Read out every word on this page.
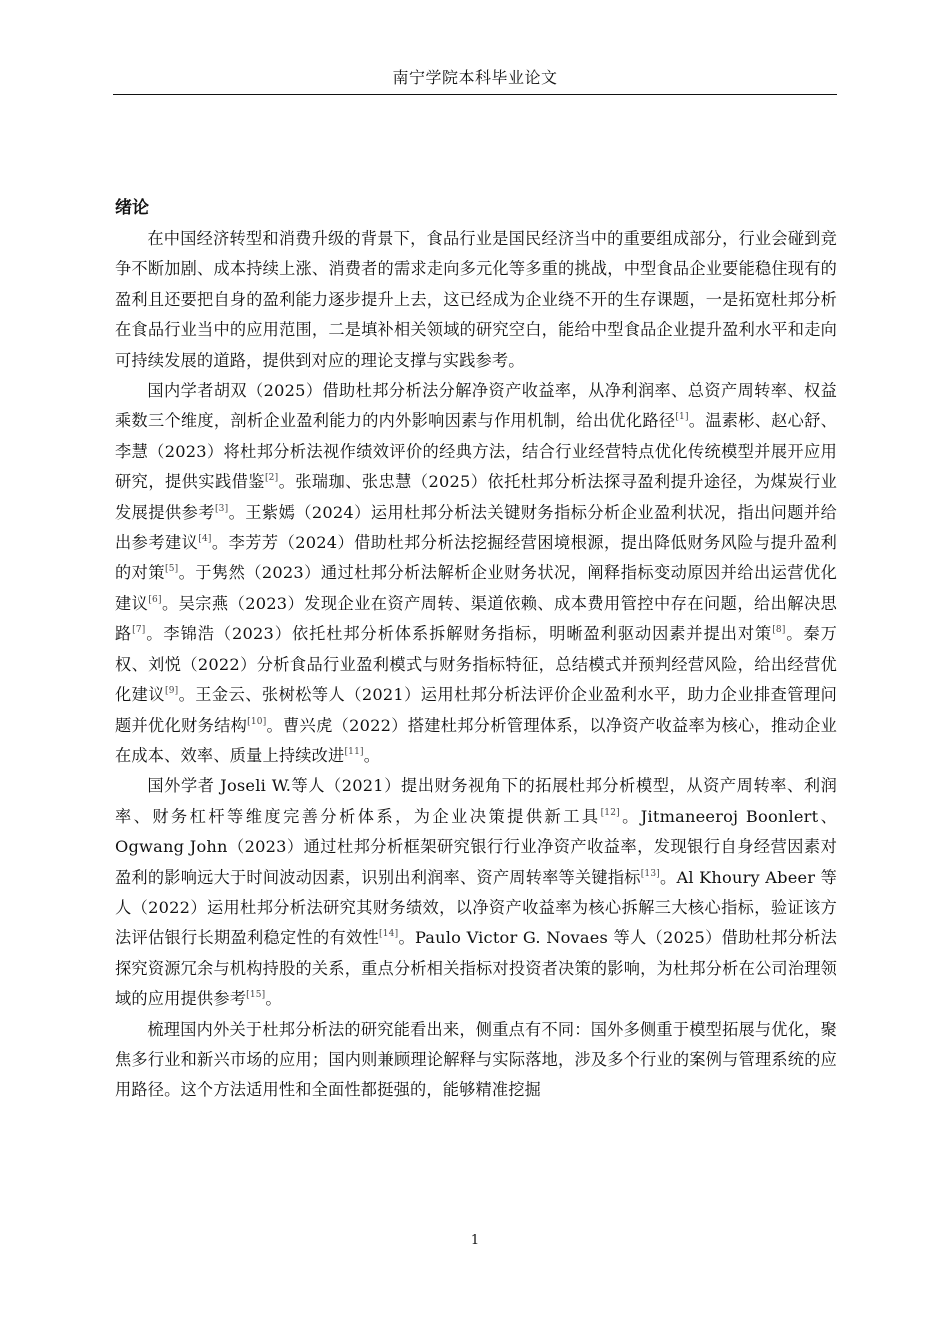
南宁学院本科毕业论文
绪论

在中国经济转型和消费升级的背景下，食品行业是国民经济当中的重要组成部分，行业会碰到竞争不断加剧、成本持续上涨、消费者的需求走向多元化等多重的挑战，中型食品企业要能稳住现有的盈利且还要把自身的盈利能力逐步提升上去，这已经成为企业绕不开的生存课题，一是拓宽杜邦分析在食品行业当中的应用范围，二是填补相关领域的研究空白，能给中型食品企业提升盈利水平和走向可持续发展的道路，提供到对应的理论支撑与实践参考。

国内学者胡双（2025）借助杜邦分析法分解净资产收益率，从净利润率、总资产周转率、权益乘数三个维度，剖析企业盈利能力的内外影响因素与作用机制，给出优化路径[1]。温素彬、赵心舒、李慧（2023）将杜邦分析法视作绩效评价的经典方法，结合行业经营特点优化传统模型并展开应用研究，提供实践借鉴[2]。张瑞珈、张忠慧（2025）依托杜邦分析法探寻盈利提升途径，为煤炭行业发展提供参考[3]。王紫嫣（2024）运用杜邦分析法关键财务指标分析企业盈利状况，指出问题并给出参考建议[4]。李芳芳（2024）借助杜邦分析法挖掘经营困境根源，提出降低财务风险与提升盈利的对策[5]。于隽然（2023）通过杜邦分析法解析企业财务状况，阐释指标变动原因并给出运营优化建议[6]。吴宗燕（2023）发现企业在资产周转、渠道依赖、成本费用管控中存在问题，给出解决思路[7]。李锦浩（2023）依托杜邦分析体系拆解财务指标，明晰盈利驱动因素并提出对策[8]。秦万权、刘悦（2022）分析食品行业盈利模式与财务指标特征，总结模式并预判经营风险，给出经营优化建议[9]。王金云、张树松等人（2021）运用杜邦分析法评价企业盈利水平，助力企业排查管理问题并优化财务结构[10]。曹兴虎（2022）搭建杜邦分析管理体系，以净资产收益率为核心，推动企业在成本、效率、质量上持续改进[11]。

国外学者 Joseli W.等人（2021）提出财务视角下的拓展杜邦分析模型，从资产周转率、利润率、财务杠杆等维度完善分析体系，为企业决策提供新工具[12]。Jitmaneeroj Boonlert、Ogwang John（2023）通过杜邦分析框架研究银行行业净资产收益率，发现银行自身经营因素对盈利的影响远大于时间波动因素，识别出利润率、资产周转率等关键指标[13]。Al Khoury Abeer 等人（2022）运用杜邦分析法研究其财务绩效，以净资产收益率为核心拆解三大核心指标，验证该方法评估银行长期盈利稳定性的有效性[14]。Paulo Victor G. Novaes 等人（2025）借助杜邦分析法探究资源冗余与机构持股的关系，重点分析相关指标对投资者决策的影响，为杜邦分析在公司治理领域的应用提供参考[15]。

梳理国内外关于杜邦分析法的研究能看出来，侧重点有不同：国外多侧重于模型拓展与优化，聚焦多行业和新兴市场的应用；国内则兼顾理论解释与实际落地，涉及多个行业的案例与管理系统的应用路径。这个方法适用性和全面性都挺强的，能够精准挖掘

1
